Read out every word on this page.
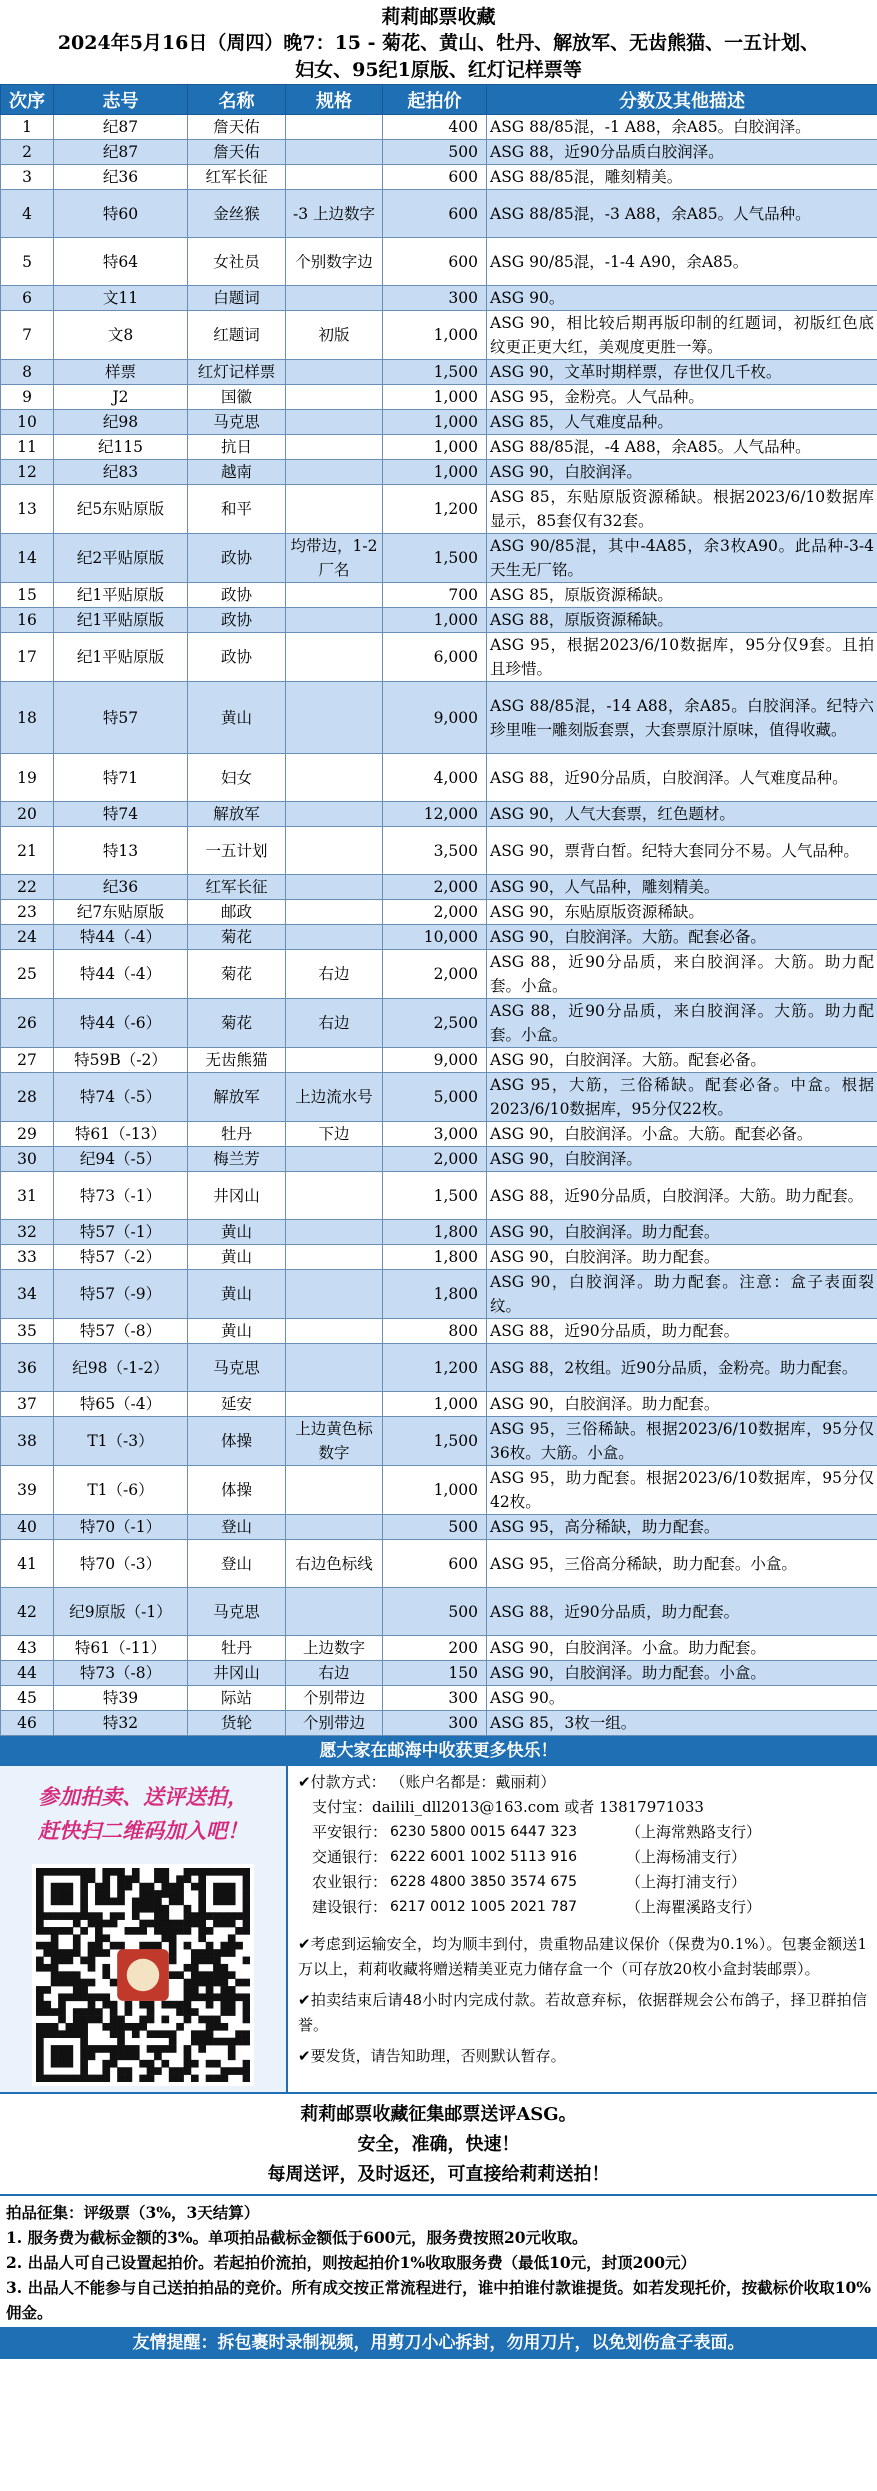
莉莉邮票收藏
2024年5月16日（周四）晚7：15 - 菊花、黄山、牡丹、解放军、无齿熊猫、一五计划、
妇女、95纪1原版、红灯记样票等
次序	志号	名称	规格	起拍价	分数及其他描述
1	纪87	詹天佑		400	ASG 88/85混，-1 A88，余A85。白胶润泽。
2	纪87	詹天佑		500	ASG 88，近90分品质白胶润泽。
3	纪36	红军长征		600	ASG 88/85混，雕刻精美。
4	特60	金丝猴	-3 上边数字	600	ASG 88/85混，-3 A88，余A85。人气品种。
5	特64	女社员	个别数字边	600	ASG 90/85混，-1-4 A90，余A85。
6	文11	白题词		300	ASG 90。
7	文8	红题词	初版	1,000	ASG 90，相比较后期再版印制的红题词，初版红色底纹更正更大红，美观度更胜一筹。
8	样票	红灯记样票		1,500	ASG 90，文革时期样票，存世仅几千枚。
9	J2	国徽		1,000	ASG 95，金粉亮。人气品种。
10	纪98	马克思		1,000	ASG 85，人气难度品种。
11	纪115	抗日		1,000	ASG 88/85混，-4 A88，余A85。人气品种。
12	纪83	越南		1,000	ASG 90，白胶润泽。
13	纪5东贴原版	和平		1,200	ASG 85，东贴原版资源稀缺。根据2023/6/10数据库显示，85套仅有32套。
14	纪2平贴原版	政协	均带边，1-2厂名	1,500	ASG 90/85混，其中-4A85，余3枚A90。此品种-3-4天生无厂铭。
15	纪1平贴原版	政协		700	ASG 85，原版资源稀缺。
16	纪1平贴原版	政协		1,000	ASG 88，原版资源稀缺。
17	纪1平贴原版	政协		6,000	ASG 95，根据2023/6/10数据库，95分仅9套。且拍且珍惜。
18	特57	黄山		9,000	ASG 88/85混，-14 A88，余A85。白胶润泽。纪特六珍里唯一雕刻版套票，大套票原汁原味，值得收藏。
19	特71	妇女		4,000	ASG 88，近90分品质，白胶润泽。人气难度品种。
20	特74	解放军		12,000	ASG 90，人气大套票，红色题材。
21	特13	一五计划		3,500	ASG 90，票背白皙。纪特大套同分不易。人气品种。
22	纪36	红军长征		2,000	ASG 90，人气品种，雕刻精美。
23	纪7东贴原版	邮政		2,000	ASG 90，东贴原版资源稀缺。
24	特44（-4）	菊花		10,000	ASG 90，白胶润泽。大筋。配套必备。
25	特44（-4）	菊花	右边	2,000	ASG 88，近90分品质，来白胶润泽。大筋。助力配套。小盒。
26	特44（-6）	菊花	右边	2,500	ASG 88，近90分品质，来白胶润泽。大筋。助力配套。小盒。
27	特59B（-2）	无齿熊猫		9,000	ASG 90，白胶润泽。大筋。配套必备。
28	特74（-5）	解放军	上边流水号	5,000	ASG 95，大筋，三俗稀缺。配套必备。中盒。根据2023/6/10数据库，95分仅22枚。
29	特61（-13）	牡丹	下边	3,000	ASG 90，白胶润泽。小盒。大筋。配套必备。
30	纪94（-5）	梅兰芳		2,000	ASG 90，白胶润泽。
31	特73（-1）	井冈山		1,500	ASG 88，近90分品质，白胶润泽。大筋。助力配套。
32	特57（-1）	黄山		1,800	ASG 90，白胶润泽。助力配套。
33	特57（-2）	黄山		1,800	ASG 90，白胶润泽。助力配套。
34	特57（-9）	黄山		1,800	ASG 90，白胶润泽。助力配套。注意：盒子表面裂纹。
35	特57（-8）	黄山		800	ASG 88，近90分品质，助力配套。
36	纪98（-1-2）	马克思		1,200	ASG 88，2枚组。近90分品质，金粉亮。助力配套。
37	特65（-4）	延安		1,000	ASG 90，白胶润泽。助力配套。
38	T1（-3）	体操	上边黄色标数字	1,500	ASG 95，三俗稀缺。根据2023/6/10数据库，95分仅36枚。大筋。小盒。
39	T1（-6）	体操		1,000	ASG 95，助力配套。根据2023/6/10数据库，95分仅42枚。
40	特70（-1）	登山		500	ASG 95，高分稀缺，助力配套。
41	特70（-3）	登山	右边色标线	600	ASG 95，三俗高分稀缺，助力配套。小盒。
42	纪9原版（-1）	马克思		500	ASG 88，近90分品质，助力配套。
43	特61（-11）	牡丹	上边数字	200	ASG 90，白胶润泽。小盒。助力配套。
44	特73（-8）	井冈山	右边	150	ASG 90，白胶润泽。助力配套。小盒。
45	特39	际站	个别带边	300	ASG 90。
46	特32	货轮	个别带边	300	ASG 85，3枚一组。
愿大家在邮海中收获更多快乐！
参加拍卖、送评送拍，
赶快扫二维码加入吧！
✔付款方式： （账户名都是：戴丽莉）
支付宝：dailili_dll2013@163.com 或者 13817971033
平安银行： 6230 5800 0015 6447 323	（上海常熟路支行）
交通银行： 6222 6001 1002 5113 916	（上海杨浦支行）
农业银行： 6228 4800 3850 3574 675	（上海打浦支行）
建设银行： 6217 0012 1005 2021 787	（上海瞿溪路支行）
✔考虑到运输安全，均为顺丰到付，贵重物品建议保价（保费为0.1%）。包裹金额送1万以上，莉莉收藏将赠送精美亚克力储存盒一个（可存放20枚小盒封装邮票）。
✔拍卖结束后请48小时内完成付款。若故意弃标，依据群规会公布鸽子，择卫群拍信誉。
✔要发货，请告知助理，否则默认暂存。
莉莉邮票收藏征集邮票送评ASG。
安全，准确，快速！
每周送评，及时返还，可直接给莉莉送拍！
拍品征集：评级票（3%，3天结算）
1. 服务费为截标金额的3%。单项拍品截标金额低于600元，服务费按照20元收取。
2. 出品人可自己设置起拍价。若起拍价流拍，则按起拍价1%收取服务费（最低10元，封顶200元）
3. 出品人不能参与自己送拍拍品的竞价。所有成交按正常流程进行，谁中拍谁付款谁提货。如若发现托价，按截标价收取10%佣金。
友情提醒：拆包裹时录制视频，用剪刀小心拆封，勿用刀片，以免划伤盒子表面。
